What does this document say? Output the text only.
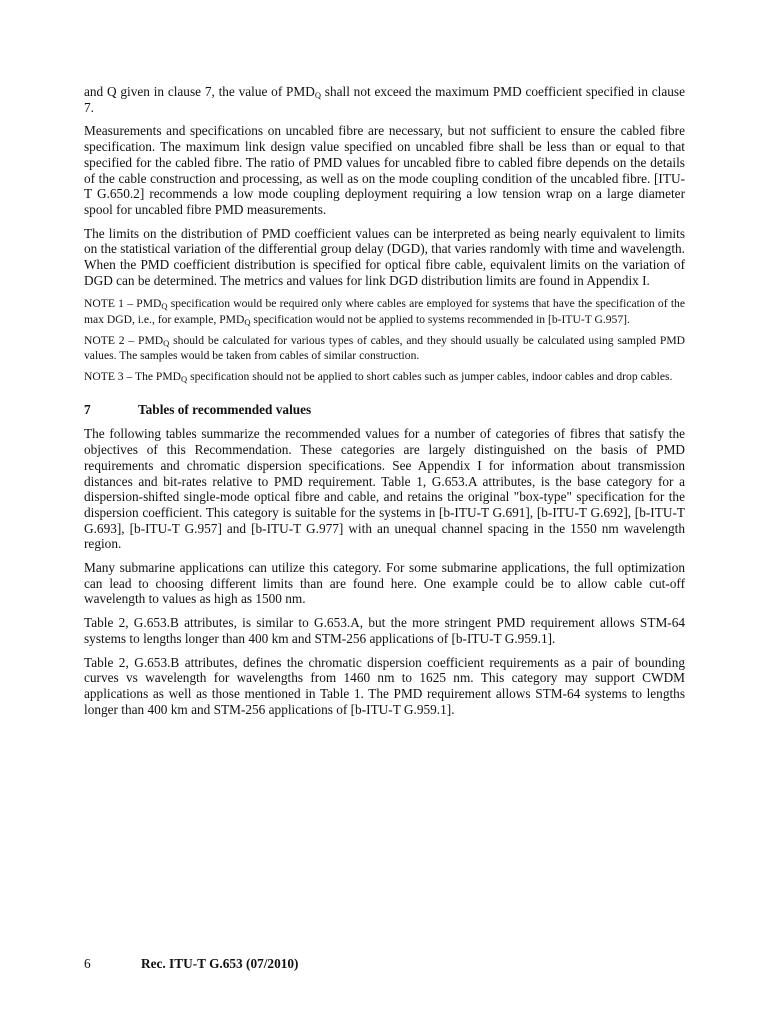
and Q given in clause 7, the value of $PMD_Q$ shall not exceed the maximum PMD coefficient specified in clause 7.

Measurements and specifications on uncabled fibre are necessary, but not sufficient to ensure the cabled fibre specification. The maximum link design value specified on uncabled fibre shall be less than or equal to that specified for the cabled fibre. The ratio of PMD values for uncabled fibre to cabled fibre depends on the details of the cable construction and processing, as well as on the mode coupling condition of the uncabled fibre. [ITU-T G.650.2] recommends a low mode coupling deployment requiring a low tension wrap on a large diameter spool for uncabled fibre PMD measurements.

The limits on the distribution of PMD coefficient values can be interpreted as being nearly equivalent to limits on the statistical variation of the differential group delay (DGD), that varies randomly with time and wavelength. When the PMD coefficient distribution is specified for optical fibre cable, equivalent limits on the variation of DGD can be determined. The metrics and values for link DGD distribution limits are found in Appendix I.

NOTE $1 - PMD_Q$ specification would be required only where cables are employed for systems that have the specification of the max DGD, i.e., for example, $PMD_Q$ specification would not be applied to systems recommended in [b-ITU-T G.957].

NOTE $2 - PMD_Q$ should be calculated for various types of cables, and they should usually be calculated using sampled PMD values. The samples would be taken from cables of similar construction.

NOTE 3 – The $PMD_Q$ specification should not be applied to short cables such as jumper cables, indoor cables and drop cables.

7	Tables of recommended values

The following tables summarize the recommended values for a number of categories of fibres that satisfy the objectives of this Recommendation. These categories are largely distinguished on the basis of PMD requirements and chromatic dispersion specifications. See Appendix I for information about transmission distances and bit-rates relative to PMD requirement. Table 1, G.653.A attributes, is the base category for a dispersion-shifted single-mode optical fibre and cable, and retains the original "box-type" specification for the dispersion coefficient. This category is suitable for the systems in [b-ITU-T G.691], [b-ITU-T G.692], [b-ITU-T G.693], [b-ITU-T G.957] and [b-ITU-T G.977] with an unequal channel spacing in the 1550 nm wavelength region.

Many submarine applications can utilize this category. For some submarine applications, the full optimization can lead to choosing different limits than are found here. One example could be to allow cable cut-off wavelength to values as high as 1500 nm.

Table 2, G.653.B attributes, is similar to G.653.A, but the more stringent PMD requirement allows STM-64 systems to lengths longer than 400 km and STM-256 applications of [b-ITU-T G.959.1].

Table 2, G.653.B attributes, defines the chromatic dispersion coefficient requirements as a pair of bounding curves vs wavelength for wavelengths from 1460 nm to 1625 nm. This category may support CWDM applications as well as those mentioned in Table 1. The PMD requirement allows STM-64 systems to lengths longer than 400 km and STM-256 applications of [b-ITU-T G.959.1].

6	Rec. ITU-T G.653 (07/2010)
